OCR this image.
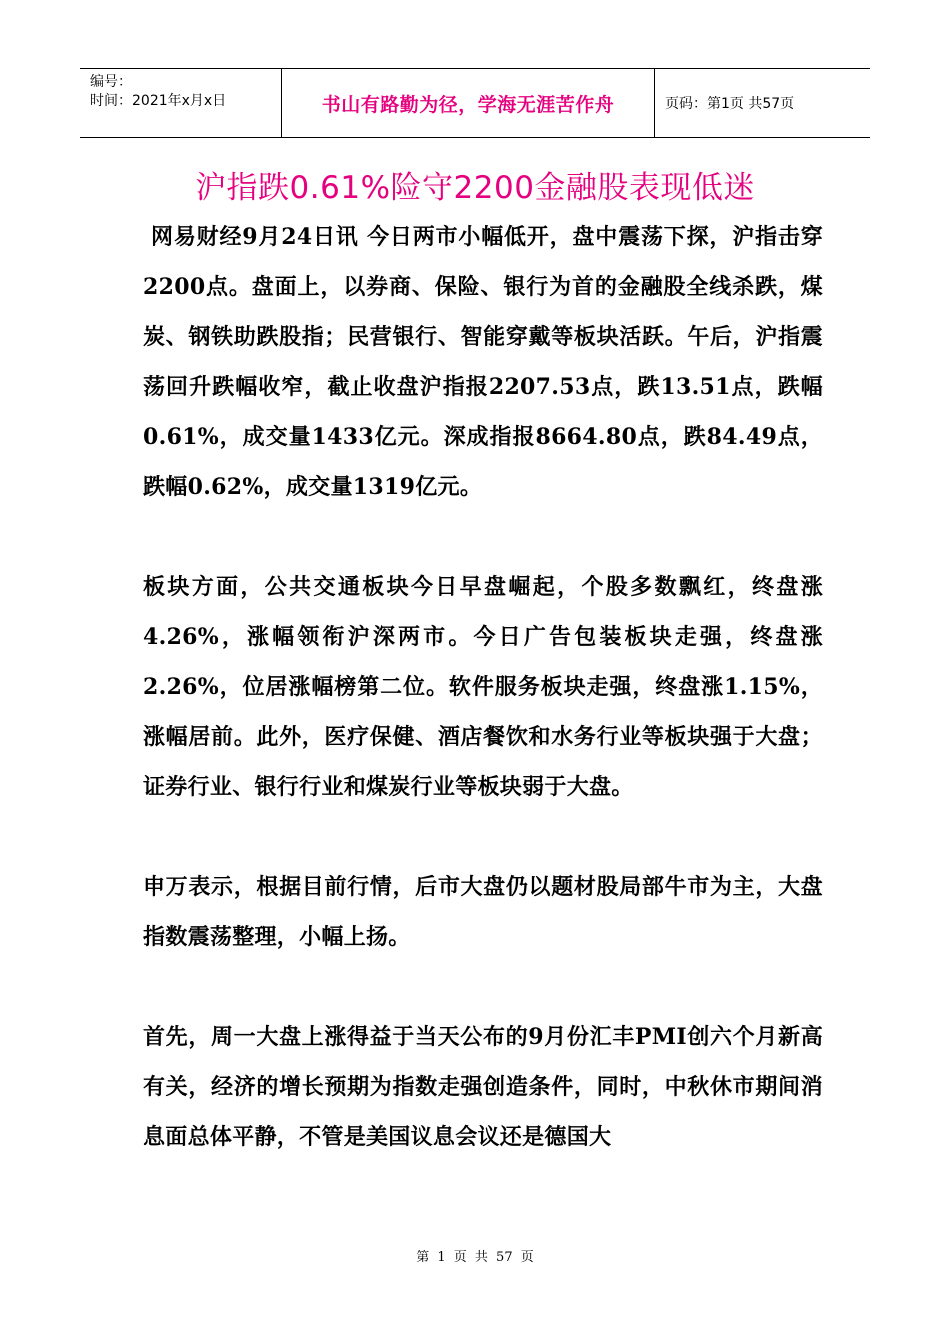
编号：
时间：2021年x月x日	书山有路勤为径，学海无涯苦作舟	页码：第1页 共57页
沪指跌0.61%险守2200金融股表现低迷

网易财经9月24日讯 今日两市小幅低开，盘中震荡下探，沪指击穿2200点。盘面上，以券商、保险、银行为首的金融股全线杀跌，煤炭、钢铁助跌股指；民营银行、智能穿戴等板块活跃。午后，沪指震荡回升跌幅收窄，截止收盘沪指报2207.53点，跌13.51点，跌幅0.61%，成交量1433亿元。深成指报8664.80点，跌84.49点，跌幅0.62%，成交量1319亿元。

板块方面，公共交通板块今日早盘崛起，个股多数飘红，终盘涨4.26%，涨幅领衔沪深两市。今日广告包装板块走强，终盘涨2.26%，位居涨幅榜第二位。软件服务板块走强，终盘涨1.15%，涨幅居前。此外，医疗保健、酒店餐饮和水务行业等板块强于大盘；证券行业、银行行业和煤炭行业等板块弱于大盘。

申万表示，根据目前行情，后市大盘仍以题材股局部牛市为主，大盘指数震荡整理，小幅上扬。

首先，周一大盘上涨得益于当天公布的9月份汇丰PMI创六个月新高有关，经济的增长预期为指数走强创造条件，同时，中秋休市期间消息面总体平静，不管是美国议息会议还是德国大

第 1 页 共 57 页
